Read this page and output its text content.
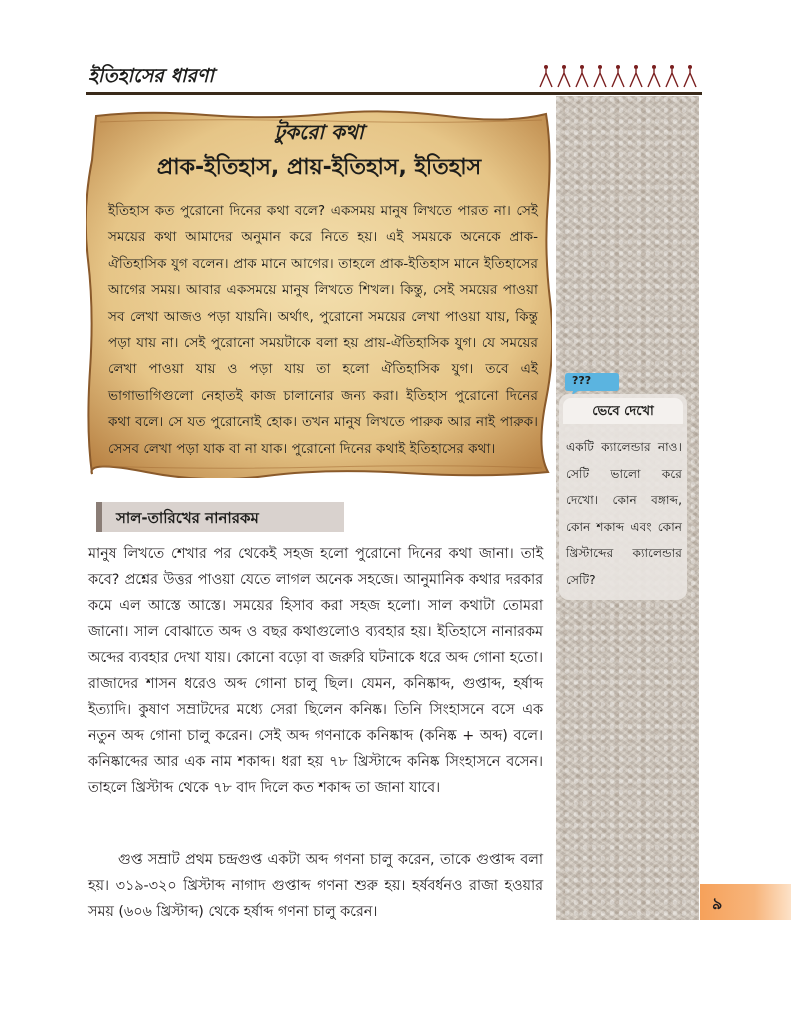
ইতিহাসের ধারণা
টুকরো কথা
প্রাক-ইতিহাস, প্রায়-ইতিহাস, ইতিহাস

ইতিহাস কত পুরোনো দিনের কথা বলে? একসময় মানুষ লিখতে পারত না। সেই সময়ের কথা আমাদের অনুমান করে নিতে হয়। এই সময়কে অনেকে প্রাক-ঐতিহাসিক যুগ বলেন। প্রাক মানে আগের। তাহলে প্রাক-ইতিহাস মানে ইতিহাসের আগের সময়। আবার একসময়ে মানুষ লিখতে শিখল। কিন্তু, সেই সময়ের পাওয়া সব লেখা আজও পড়া যায়নি। অর্থাৎ, পুরোনো সময়ের লেখা পাওয়া যায়, কিন্তু পড়া যায় না। সেই পুরোনো সময়টাকে বলা হয় প্রায়-ঐতিহাসিক যুগ। যে সময়ের লেখা পাওয়া যায় ও পড়া যায় তা হলো ঐতিহাসিক যুগ। তবে এই ভাগাভাগিগুলো নেহাতই কাজ চালানোর জন্য করা। ইতিহাস পুরোনো দিনের কথা বলে। সে যত পুরোনোই হোক। তখন মানুষ লিখতে পারুক আর নাই পারুক। সেসব লেখা পড়া যাক বা না যাক। পুরোনো দিনের কথাই ইতিহাসের কথা।

সাল-তারিখের নানারকম

মানুষ লিখতে শেখার পর থেকেই সহজ হলো পুরোনো দিনের কথা জানা। তাই কবে? প্রশ্নের উত্তর পাওয়া যেতে লাগল অনেক সহজে। আনুমানিক কথার দরকার কমে এল আস্তে আস্তে। সময়ের হিসাব করা সহজ হলো। সাল কথাটা তোমরা জানো। সাল বোঝাতে অব্দ ও বছর কথাগুলোও ব্যবহার হয়। ইতিহাসে নানারকম অব্দের ব্যবহার দেখা যায়। কোনো বড়ো বা জরুরি ঘটনাকে ধরে অব্দ গোনা হতো। রাজাদের শাসন ধরেও অব্দ গোনা চালু ছিল। যেমন, কনিষ্কাব্দ, গুপ্তাব্দ, হর্ষাব্দ ইত্যাদি। কুষাণ সম্রাটদের মধ্যে সেরা ছিলেন কনিষ্ক। তিনি সিংহাসনে বসে এক নতুন অব্দ গোনা চালু করেন। সেই অব্দ গণনাকে কনিষ্কাব্দ (কনিষ্ক + অব্দ) বলে। কনিষ্কাব্দের আর এক নাম শকাব্দ। ধরা হয় ৭৮ খ্রিস্টাব্দে কনিষ্ক সিংহাসনে বসেন। তাহলে খ্রিস্টাব্দ থেকে ৭৮ বাদ দিলে কত শকাব্দ তা জানা যাবে।

গুপ্ত সম্রাট প্রথম চন্দ্রগুপ্ত একটা অব্দ গণনা চালু করেন, তাকে গুপ্তাব্দ বলা হয়। ৩১৯-৩২০ খ্রিস্টাব্দ নাগাদ গুপ্তাব্দ গণনা শুরু হয়। হর্ষবর্ধনও রাজা হওয়ার সময় (৬০৬ খ্রিস্টাব্দ) থেকে হর্ষাব্দ গণনা চালু করেন।

???
ভেবে দেখো

একটি ক্যালেন্ডার নাও। সেটি ভালো করে দেখো। কোন বঙ্গাব্দ, কোন শকাব্দ এবং কোন খ্রিস্টাব্দের ক্যালেন্ডার সেটি?

৯
